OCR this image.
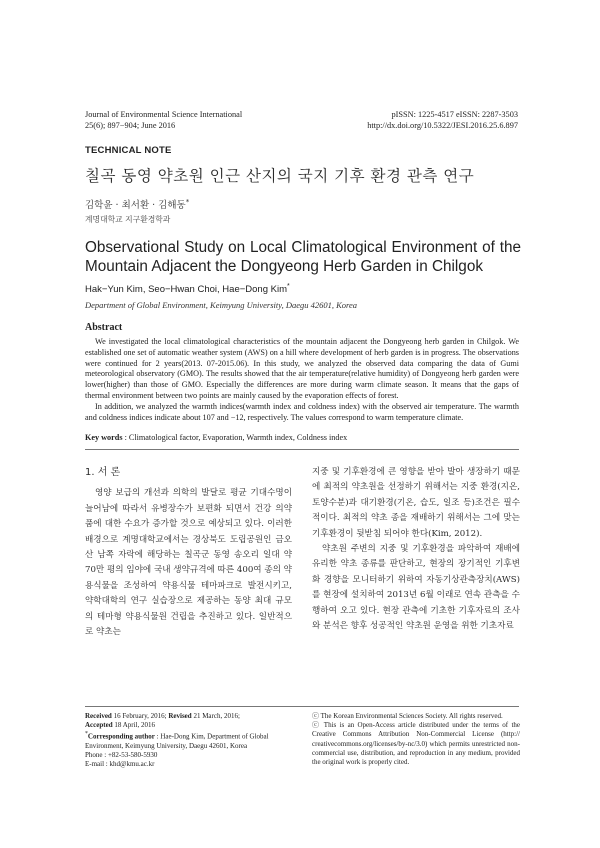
Journal of Environmental Science International
25(6); 897−904; June 2016
pISSN: 1225-4517 eISSN: 2287-3503
http://dx.doi.org/10.5322/JESI.2016.25.6.897
TECHNICAL NOTE
칠곡 동영 약초원 인근 산지의 국지 기후 환경 관측 연구
김학윤 · 최서환 · 김해동*
계명대학교 지구환경학과
Observational Study on Local Climatological Environment of the Mountain Adjacent the Dongyeong Herb Garden in Chilgok
Hak−Yun Kim, Seo−Hwan Choi, Hae−Dong Kim*
Department of Global Environment, Keimyung University, Daegu 42601, Korea
Abstract

We investigated the local climatological characteristics of the mountain adjacent the Dongyeong herb garden in Chilgok. We established one set of automatic weather system (AWS) on a hill where development of herb garden is in progress. The observations were continued for 2 years(2013. 07-2015.06). In this study, we analyzed the observed data comparing the data of Gumi meteorological observatory (GMO). The results showed that the air temperature(relative humidity) of Dongyeong herb garden were lower(higher) than those of GMO. Especially the differences are more during warm climate season. It means that the gaps of thermal environment between two points are mainly caused by the evaporation effects of forest.

In addition, we analyzed the warmth indices(warmth index and coldness index) with the observed air temperature. The warmth and coldness indices indicate about 107 and −12, respectively. The values correspond to warm temperature climate.

Key words : Climatological factor, Evaporation, Warmth index, Coldness index
1. 서 론

영양 보급의 개선과 의학의 발달로 평균 기대수명이 늘어남에 따라서 유병장수가 보편화 되면서 건강 의약품에 대한 수요가 증가할 것으로 예상되고 있다. 이러한 배경으로 계명대학교에서는 경상북도 도립공원인 금오산 남쪽 자락에 해당하는 칠곡군 동영 송오리 일대 약 70만 평의 임야에 국내 생약규격에 따른 400여 종의 약용식물을 조성하여 약용식물 테마파크로 발전시키고, 약학대학의 연구 실습장으로 제공하는 동양 최대 규모의 테마형 약용식물원 건립을 추진하고 있다. 일반적으로 약초는

지중 및 기후환경에 큰 영향을 받아 발아 생장하기 때문에 최적의 약초원을 선정하기 위해서는 지중 환경(지온, 토양수분)과 대기환경(기온, 습도, 일조 등)조건은 필수적이다. 최적의 약초 종을 재배하기 위해서는 그에 맞는 기후환경이 뒷받침 되어야 한다(Kim, 2012).

약초원 주변의 지중 및 기후환경을 파악하여 재배에 유리한 약초 종류를 판단하고, 현장의 장기적인 기후변화 경향을 모니터하기 위하여 자동기상관측장치(AWS)를 현장에 설치하여 2013년 6월 이래로 연속 관측을 수행하여 오고 있다. 현장 관측에 기초한 기후자료의 조사와 분석은 향후 성공적인 약초원 운영을 위한 기초자료

Received 16 February, 2016; Revised 21 March, 2016;
Accepted 18 April, 2016
*Corresponding author : Hae-Dong Kim, Department of Global Environment, Keimyung University, Daegu 42601, Korea
Phone : +82-53-580-5930
E-mail : khd@kmu.ac.kr
ⓒ The Korean Environmental Sciences Society. All rights reserved.
ⓒ This is an Open-Access article distributed under the terms of the Creative Commons Attribution Non-Commercial License (http:// creativecommons.org/licenses/by-nc/3.0) which permits unrestricted non-commercial use, distribution, and reproduction in any medium, provided the original work is properly cited.
